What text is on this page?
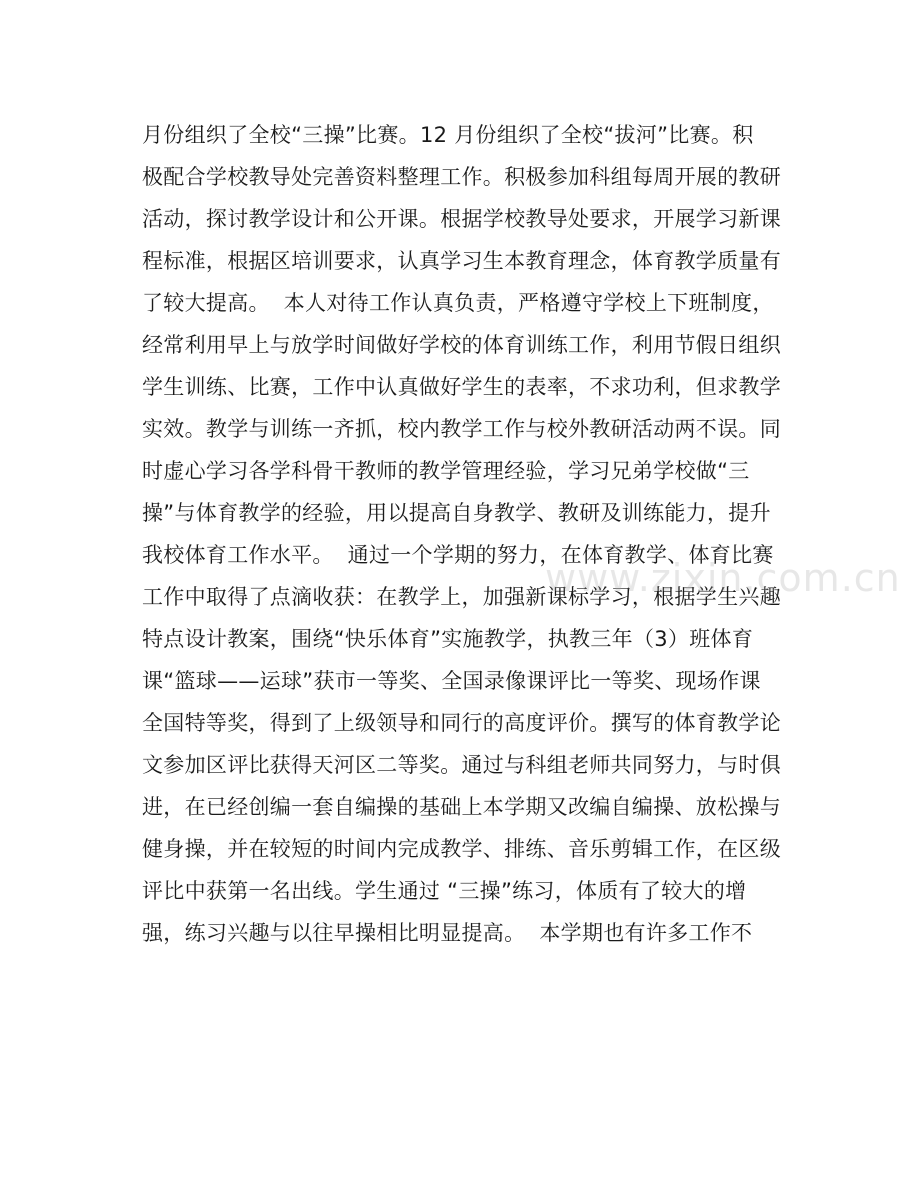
月份组织了全校“三操”比赛。12 月份组织了全校“拔河”比赛。积
极配合学校教导处完善资料整理工作。积极参加科组每周开展的教研
活动，探讨教学设计和公开课。根据学校教导处要求，开展学习新课
程标准，根据区培训要求，认真学习生本教育理念，体育教学质量有
了较大提高。  本人对待工作认真负责，严格遵守学校上下班制度，
经常利用早上与放学时间做好学校的体育训练工作，利用节假日组织
学生训练、比赛，工作中认真做好学生的表率，不求功利，但求教学
实效。教学与训练一齐抓，校内教学工作与校外教研活动两不误。同
时虚心学习各学科骨干教师的教学管理经验，学习兄弟学校做“三
操”与体育教学的经验，用以提高自身教学、教研及训练能力，提升
我校体育工作水平。  通过一个学期的努力，在体育教学、体育比赛
工作中取得了点滴收获：在教学上，加强新课标学习，根据学生兴趣
特点设计教案，围绕“快乐体育”实施教学，执教三年（3）班体育
课“篮球——运球”获市一等奖、全国录像课评比一等奖、现场作课
全国特等奖，得到了上级领导和同行的高度评价。撰写的体育教学论
文参加区评比获得天河区二等奖。通过与科组老师共同努力，与时俱
进，在已经创编一套自编操的基础上本学期又改编自编操、放松操与
健身操，并在较短的时间内完成教学、排练、音乐剪辑工作，在区级
评比中获第一名出线。学生通过 “三操”练习，体质有了较大的增
强，练习兴趣与以往早操相比明显提高。  本学期也有许多工作不
www.zixin.com.cn
